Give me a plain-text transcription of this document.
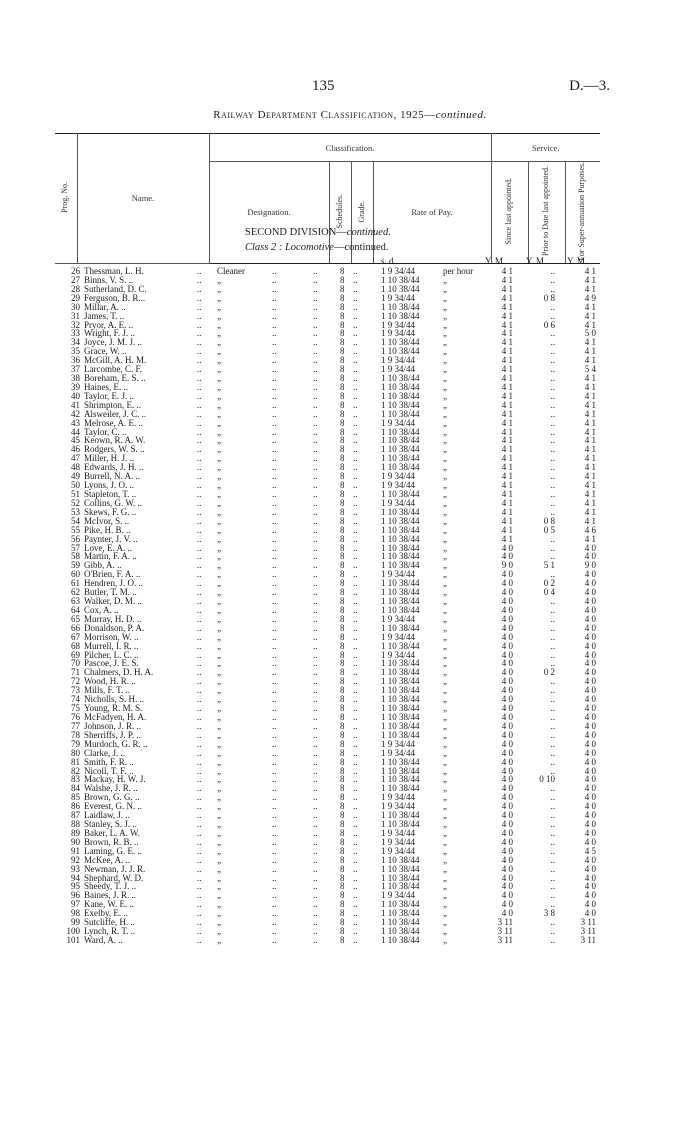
135	D.—3.
Railway Department Classification, 1925—continued.
Prog. No.	Name.	Classification.				Service.		
		Designation.	Schedules.	Grade.	Rate of Pay.	Since last appointed.	Prior to Date last appointed.	For Super-annuation Purposes.
SECOND DIVISION—continued.
Class 2 : Locomotive—continued.
s. d.	Y. M. Y. M. Y. M.
26 Thessman, L. H.	.. Cleaner	..	..	8 ..	1 9 34/44	per hour	4 1	..	4 1
27 Binns, V. S. ..	.. „	..	..	8 ..	1 10 38/44	„	4 1	..	4 1
28 Sutherland, D. C.	.. „	..	..	8 ..	1 10 38/44	„	4 1	..	4 1
29 Ferguson, B. R...	.. „	..	..	8 ..	1 9 34/44	„	4 1	0 8	4 9
30 Millar, A. ..	.. „	..	..	8 ..	1 10 38/44	„	4 1	..	4 1
31 James, T. ..	.. „	..	..	8 ..	1 10 38/44	„	4 1	..	4 1
32 Pryor, A. E. ..	.. „	..	..	8 ..	1 9 34/44	„	4 1	0 6	4 1
33 Wright, F. J. ..	.. „	..	..	8 ..	1 9 34/44	„	4 1	..	5 0
34 Joyce, J. M. J. ..	.. „	..	..	8 ..	1 10 38/44	„	4 1	..	4 1
35 Grace, W. ..	.. „	..	..	8 ..	1 10 38/44	„	4 1	..	4 1
36 McGill, A. H. M.	.. „	..	..	8 ..	1 9 34/44	„	4 1	..	4 1
37 Larcombe, C. F.	.. „	..	..	8 ..	1 9 34/44	„	4 1	..	5 4
38 Boreham, E. S. ..	.. „	..	..	8 ..	1 10 38/44	„	4 1	..	4 1
39 Haines, E. ..	.. „	..	..	8 ..	1 10 38/44	„	4 1	..	4 1
40 Taylor, E. J. ..	.. „	..	..	8 ..	1 10 38/44	„	4 1	..	4 1
41 Shrimpton, E. ..	.. „	..	..	8 ..	1 10 38/44	„	4 1	..	4 1
42 Alsweiler, J. C. ..	.. „	..	..	8 ..	1 10 38/44	„	4 1	..	4 1
43 Melrose, A. E. ..	.. „	..	..	8 ..	1 9 34/44	„	4 1	..	4 1
44 Taylor, C. ..	.. „	..	..	8 ..	1 10 38/44	„	4 1	..	4 1
45 Keown, R. A. W.	.. „	..	..	8 ..	1 10 38/44	„	4 1	..	4 1
46 Rodgers, W. S. ..	.. „	..	..	8 ..	1 10 38/44	„	4 1	..	4 1
47 Miller, H. J. ..	.. „	..	..	8 ..	1 10 38/44	„	4 1	..	4 1
48 Edwards, J. H. ..	.. „	..	..	8 ..	1 10 38/44	„	4 1	..	4 1
49 Burrell, N. A. ..	.. „	..	..	8 ..	1 9 34/44	„	4 1	..	4 1
50 Lyons, J. O. ..	.. „	..	..	8 ..	1 9 34/44	„	4 1	..	4 1
51 Stapleton, T. ..	.. „	..	..	8 ..	1 10 38/44	„	4 1	..	4 1
52 Collins, G. W. ..	.. „	..	..	8 ..	1 9 34/44	„	4 1	..	4 1
53 Skews, F. G. ..	.. „	..	..	8 ..	1 10 38/44	„	4 1	..	4 1
54 McIvor, S. ..	.. „	..	..	8 ..	1 10 38/44	„	4 1	0 8	4 1
55 Pike, H. B. ..	.. „	..	..	8 ..	1 10 38/44	„	4 1	0 5	4 6
56 Paynter, J. V. ..	.. „	..	..	8 ..	1 10 38/44	„	4 1	..	4 1
57 Love, E. A. ..	.. „	..	..	8 ..	1 10 38/44	„	4 0	..	4 0
58 Martin, F. A. ..	.. „	..	..	8 ..	1 10 38/44	„	4 0	..	4 0
59 Gibb, A. ..	.. „	..	..	8 ..	1 10 38/44	„	9 0	5 1	9 0
60 O'Brien, F. A. ..	.. „	..	..	8 ..	1 9 34/44	„	4 0	..	4 0
61 Hendren, J. O. ..	.. „	..	..	8 ..	1 10 38/44	„	4 0	0 2	4 0
62 Butler, T. M. ..	.. „	..	..	8 ..	1 10 38/44	„	4 0	0 4	4 0
63 Walker, D. M. ..	.. „	..	..	8 ..	1 10 38/44	„	4 0	..	4 0
64 Cox, A. ..	.. „	..	..	8 ..	1 10 38/44	„	4 0	..	4 0
65 Murray, H. D. ..	.. „	..	..	8 ..	1 9 34/44	„	4 0	..	4 0
66 Donaldson, P. A.	.. „	..	..	8 ..	1 10 38/44	„	4 0	..	4 0
67 Morrison, W. ..	.. „	..	..	8 ..	1 9 34/44	„	4 0	..	4 0
68 Murrell, I. R. ..	.. „	..	..	8 ..	1 10 38/44	„	4 0	..	4 0
69 Pilcher, L. C. ..	.. „	..	..	8 ..	1 9 34/44	„	4 0	..	4 0
70 Pascoe, J. E. S.	.. „	..	..	8 ..	1 10 38/44	„	4 0	..	4 0
71 Chalmers, D. H. A.	.. „	..	..	8 ..	1 10 38/44	„	4 0	0 2	4 0
72 Wood, H. R. ..	.. „	..	..	8 ..	1 10 38/44	„	4 0	..	4 0
73 Mills, F. T. ..	.. „	..	..	8 ..	1 10 38/44	„	4 0	..	4 0
74 Nicholls, S. H. ..	.. „	..	..	8 ..	1 10 38/44	„	4 0	..	4 0
75 Young, R. M. S.	.. „	..	..	8 ..	1 10 38/44	„	4 0	..	4 0
76 McFadyen, H. A.	.. „	..	..	8 ..	1 10 38/44	„	4 0	..	4 0
77 Johnson, J. R. ..	.. „	..	..	8 ..	1 10 38/44	„	4 0	..	4 0
78 Sherriffs, J. P. ..	.. „	..	..	8 ..	1 10 38/44	„	4 0	..	4 0
79 Murdoch, G. R. ..	.. „	..	..	8 ..	1 9 34/44	„	4 0	..	4 0
80 Clarke, J. ..	.. „	..	..	8 ..	1 9 34/44	„	4 0	..	4 0
81 Smith, F. R. ..	.. „	..	..	8 ..	1 10 38/44	„	4 0	..	4 0
82 Nicoll, T. F. ..	.. „	..	..	8 ..	1 10 38/44	„	4 0	..	4 0
83 Mackay, H. W. J.	.. „	..	..	8 ..	1 10 38/44	„	4 0	0 10	4 0
84 Walshe, J. R. ..	.. „	..	..	8 ..	1 10 38/44	„	4 0	..	4 0
85 Brown, G. G. ..	.. „	..	..	8 ..	1 9 34/44	„	4 0	..	4 0
86 Everest, G. N. ..	.. „	..	..	8 ..	1 9 34/44	„	4 0	..	4 0
87 Laidlaw, J. ..	.. „	..	..	8 ..	1 10 38/44	„	4 0	..	4 0
88 Stanley, S. J. ..	.. „	..	..	8 ..	1 10 38/44	„	4 0	..	4 0
89 Baker, L. A. W.	.. „	..	..	8 ..	1 9 34/44	„	4 0	..	4 0
90 Brown, R. B. ..	.. „	..	..	8 ..	1 9 34/44	„	4 0	..	4 0
91 Laming, G. E. ..	.. „	..	..	8 ..	1 9 34/44	„	4 0	..	4 5
92 McKee, A. ..	.. „	..	..	8 ..	1 10 38/44	„	4 0	..	4 0
93 Newman, J. J. R.	.. „	..	..	8 ..	1 10 38/44	„	4 0	..	4 0
94 Shephard, W. D.	.. „	..	..	8 ..	1 10 38/44	„	4 0	..	4 0
95 Sheedy, T. J. ..	.. „	..	..	8 ..	1 10 38/44	„	4 0	..	4 0
96 Baines, J. R. ..	.. „	..	..	8 ..	1 9 34/44	„	4 0	..	4 0
97 Kane, W. E. ..	.. „	..	..	8 ..	1 10 38/44	„	4 0	..	4 0
98 Exelby, E. ..	.. „	..	..	8 ..	1 10 38/44	„	4 0	3 8	4 0
99 Sutcliffe, H. ..	.. „	..	..	8 ..	1 10 38/44	„	3 11	..	3 11
100 Lynch, R. T. ..	.. „	..	..	8 ..	1 10 38/44	„	3 11	..	3 11
101 Ward, A. ..	.. „	..	..	8 ..	1 10 38/44	„	3 11	..	3 11
